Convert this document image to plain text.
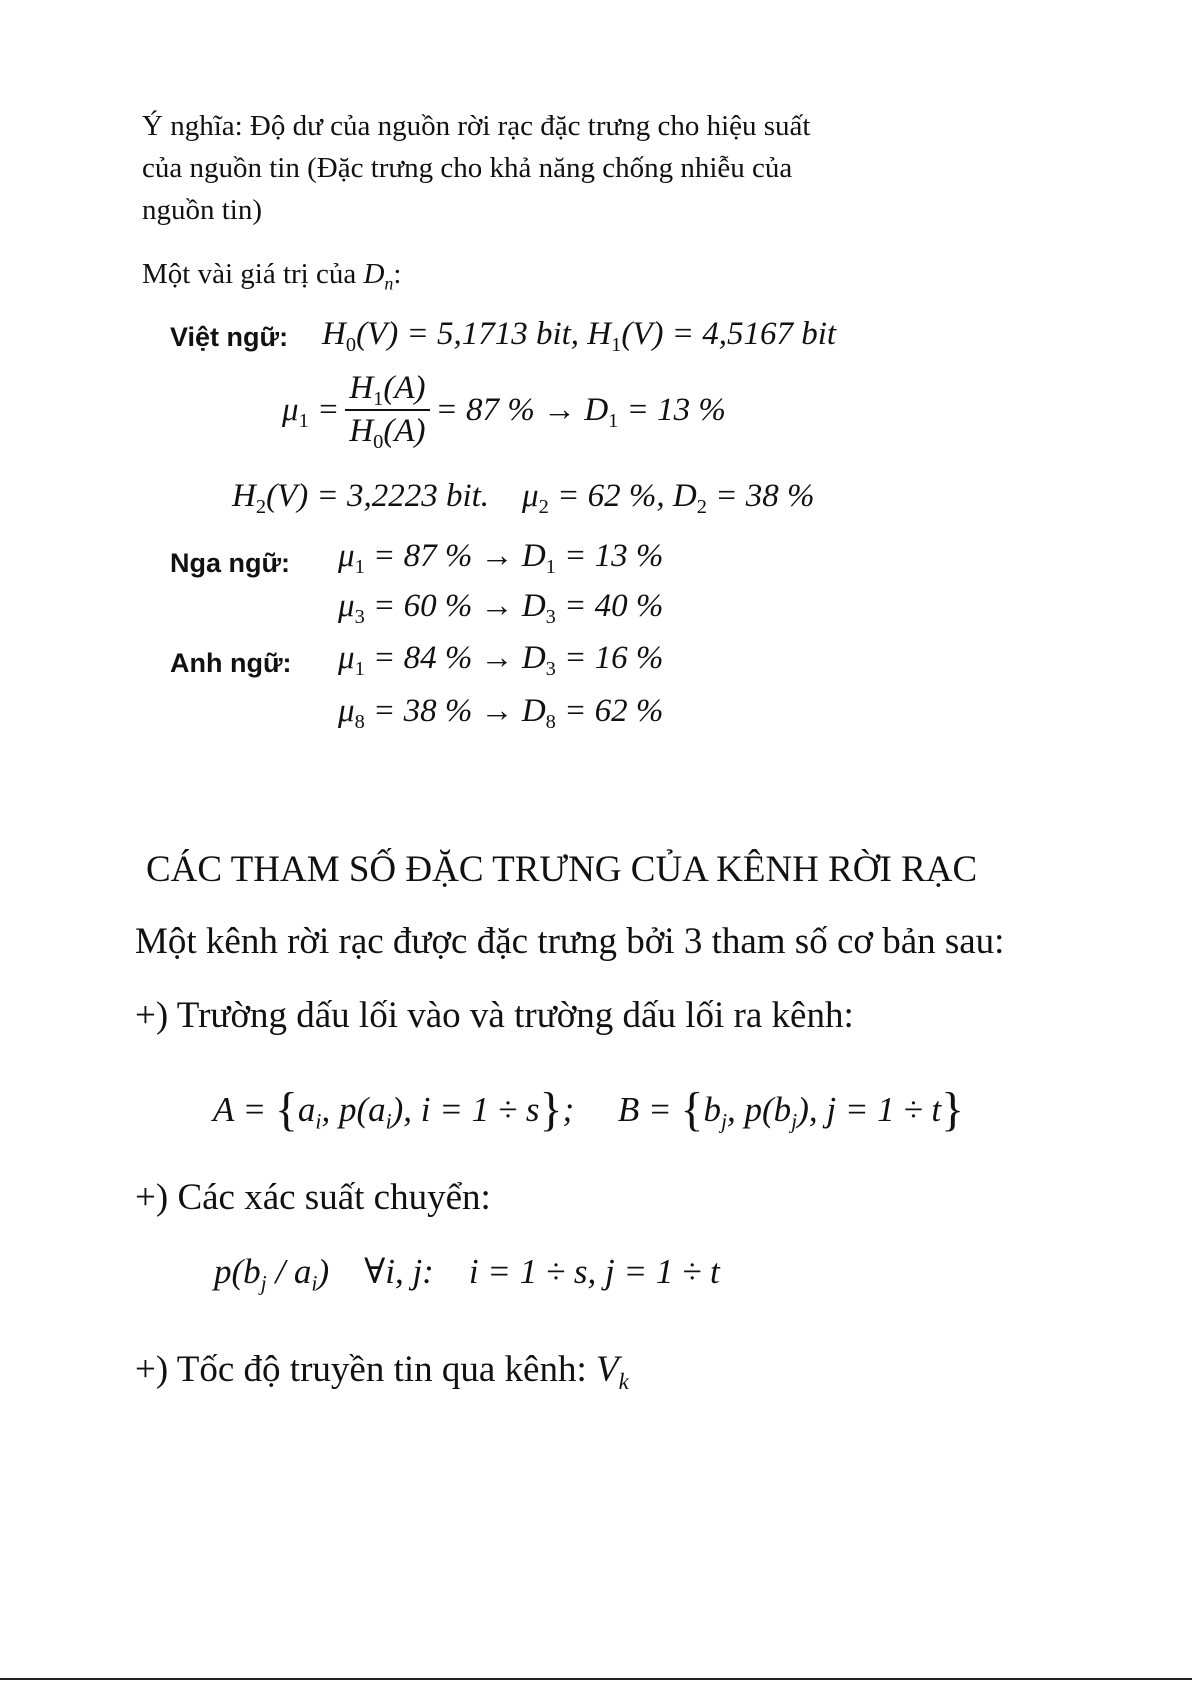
Ý nghĩa: Độ dư của nguồn rời rạc đặc trưng cho hiệu suất
của nguồn tin (Đặc trưng cho khả năng chống nhiễu của
nguồn tin)
Một vài giá trị của $D_n$:
Việt ngữ: $H_0(V) = 5,1713$ bit, $H_1(V) = 4,5167$ bit
$\mu_1 = \frac{H_1(A)}{H_0(A)} = 87$ % → $D_1 = 13$ %
$H_2(V) = 3,2223$ bit.    $\mu_2 = 62$ %, $D_2 = 38$ %
Nga ngữ: $\mu_1 = 87$ % → $D_1 = 13$ %
$\mu_3 = 60$ % → $D_3 = 40$ %
Anh ngữ: $\mu_1 = 84$ % → $D_3 = 16$ %
$\mu_8 = 38$ % → $D_8 = 62$ %
CÁC THAM SỐ ĐẶC TRƯNG CỦA KÊNH RỜI RẠC
Một kênh rời rạc được đặc trưng bởi 3 tham số cơ bản sau:
+) Trường dấu lối vào và trường dấu lối ra kênh:
$A = \{a_i$, $p(a_i)$, i = 1 ÷ s};     $B = \{b_j$, $p(b_j)$, j = 1 ÷ t}
+) Các xác suất chuyển:
$p(b_j / a_i)$    ∀i, j:    i = 1 ÷ s, j = 1 ÷ t
+) Tốc độ truyền tin qua kênh: $V_k$
